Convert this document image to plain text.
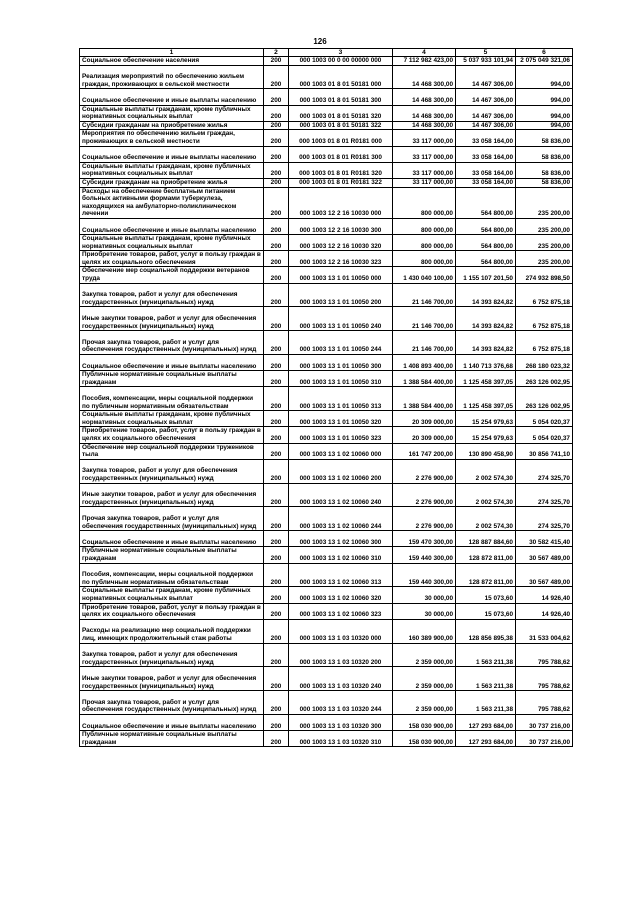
126
1	2	3	4	5	6
Социальное обеспечение населения	200	000 1003 00 0 00 00000 000	7 112 982 423,00	5 037 933 101,94	2 075 049 321,06
Реализация мероприятий по обеспечению жильем граждан, проживающих в сельской местности	200	000 1003 01 8 01 50181 000	14 468 300,00	14 467 306,00	994,00
Социальное обеспечение и иные выплаты населению	200	000 1003 01 8 01 50181 300	14 468 300,00	14 467 306,00	994,00
Социальные выплаты гражданам, кроме публичных нормативных социальных выплат	200	000 1003 01 8 01 50181 320	14 468 300,00	14 467 306,00	994,00
Субсидии гражданам на приобретение жилья	200	000 1003 01 8 01 50181 322	14 468 300,00	14 467 306,00	994,00
Мероприятия по обеспечению жильем граждан, проживающих в сельской местности	200	000 1003 01 8 01 R0181 000	33 117 000,00	33 058 164,00	58 836,00
Социальное обеспечение и иные выплаты населению	200	000 1003 01 8 01 R0181 300	33 117 000,00	33 058 164,00	58 836,00
Социальные выплаты гражданам, кроме публичных нормативных социальных выплат	200	000 1003 01 8 01 R0181 320	33 117 000,00	33 058 164,00	58 836,00
Субсидии гражданам на приобретение жилья	200	000 1003 01 8 01 R0181 322	33 117 000,00	33 058 164,00	58 836,00
Расходы на обеспечение бесплатным питанием больных активными формами туберкулеза, находящихся на амбулаторно-поликлиническом лечении	200	000 1003 12 2 16 10030 000	800 000,00	564 800,00	235 200,00
Социальное обеспечение и иные выплаты населению	200	000 1003 12 2 16 10030 300	800 000,00	564 800,00	235 200,00
Социальные выплаты гражданам, кроме публичных нормативных социальных выплат	200	000 1003 12 2 16 10030 320	800 000,00	564 800,00	235 200,00
Приобретение товаров, работ, услуг в пользу граждан в целях их социального обеспечения	200	000 1003 12 2 16 10030 323	800 000,00	564 800,00	235 200,00
Обеспечение мер социальной поддержки ветеранов труда	200	000 1003 13 1 01 10050 000	1 430 040 100,00	1 155 107 201,50	274 932 898,50
Закупка товаров, работ и услуг для обеспечения государственных (муниципальных) нужд	200	000 1003 13 1 01 10050 200	21 146 700,00	14 393 824,82	6 752 875,18
Иные закупки товаров, работ и услуг для обеспечения государственных (муниципальных) нужд	200	000 1003 13 1 01 10050 240	21 146 700,00	14 393 824,82	6 752 875,18
Прочая закупка товаров, работ и услуг для обеспечения государственных (муниципальных) нужд	200	000 1003 13 1 01 10050 244	21 146 700,00	14 393 824,82	6 752 875,18
Социальное обеспечение и иные выплаты населению	200	000 1003 13 1 01 10050 300	1 408 893 400,00	1 140 713 376,68	268 180 023,32
Публичные нормативные социальные выплаты гражданам	200	000 1003 13 1 01 10050 310	1 388 584 400,00	1 125 458 397,05	263 126 002,95
Пособия, компенсации, меры социальной поддержки по публичным нормативным обязательствам	200	000 1003 13 1 01 10050 313	1 388 584 400,00	1 125 458 397,05	263 126 002,95
Социальные выплаты гражданам, кроме публичных нормативных социальных выплат	200	000 1003 13 1 01 10050 320	20 309 000,00	15 254 979,63	5 054 020,37
Приобретение товаров, работ, услуг в пользу граждан в целях их социального обеспечения	200	000 1003 13 1 01 10050 323	20 309 000,00	15 254 979,63	5 054 020,37
Обеспечение мер социальной поддержки тружеников тыла	200	000 1003 13 1 02 10060 000	161 747 200,00	130 890 458,90	30 856 741,10
Закупка товаров, работ и услуг для обеспечения государственных (муниципальных) нужд	200	000 1003 13 1 02 10060 200	2 276 900,00	2 002 574,30	274 325,70
Иные закупки товаров, работ и услуг для обеспечения государственных (муниципальных) нужд	200	000 1003 13 1 02 10060 240	2 276 900,00	2 002 574,30	274 325,70
Прочая закупка товаров, работ и услуг для обеспечения государственных (муниципальных) нужд	200	000 1003 13 1 02 10060 244	2 276 900,00	2 002 574,30	274 325,70
Социальное обеспечение и иные выплаты населению	200	000 1003 13 1 02 10060 300	159 470 300,00	128 887 884,60	30 582 415,40
Публичные нормативные социальные выплаты гражданам	200	000 1003 13 1 02 10060 310	159 440 300,00	128 872 811,00	30 567 489,00
Пособия, компенсации, меры социальной поддержки по публичным нормативным обязательствам	200	000 1003 13 1 02 10060 313	159 440 300,00	128 872 811,00	30 567 489,00
Социальные выплаты гражданам, кроме публичных нормативных социальных выплат	200	000 1003 13 1 02 10060 320	30 000,00	15 073,60	14 926,40
Приобретение товаров, работ, услуг в пользу граждан в целях их социального обеспечения	200	000 1003 13 1 02 10060 323	30 000,00	15 073,60	14 926,40
Расходы на реализацию мер социальной поддержки лиц, имеющих продолжительный стаж работы	200	000 1003 13 1 03 10320 000	160 389 900,00	128 856 895,38	31 533 004,62
Закупка товаров, работ и услуг для обеспечения государственных (муниципальных) нужд	200	000 1003 13 1 03 10320 200	2 359 000,00	1 563 211,38	795 788,62
Иные закупки товаров, работ и услуг для обеспечения государственных (муниципальных) нужд	200	000 1003 13 1 03 10320 240	2 359 000,00	1 563 211,38	795 788,62
Прочая закупка товаров, работ и услуг для обеспечения государственных (муниципальных) нужд	200	000 1003 13 1 03 10320 244	2 359 000,00	1 563 211,38	795 788,62
Социальное обеспечение и иные выплаты населению	200	000 1003 13 1 03 10320 300	158 030 900,00	127 293 684,00	30 737 216,00
Публичные нормативные социальные выплаты гражданам	200	000 1003 13 1 03 10320 310	158 030 900,00	127 293 684,00	30 737 216,00
